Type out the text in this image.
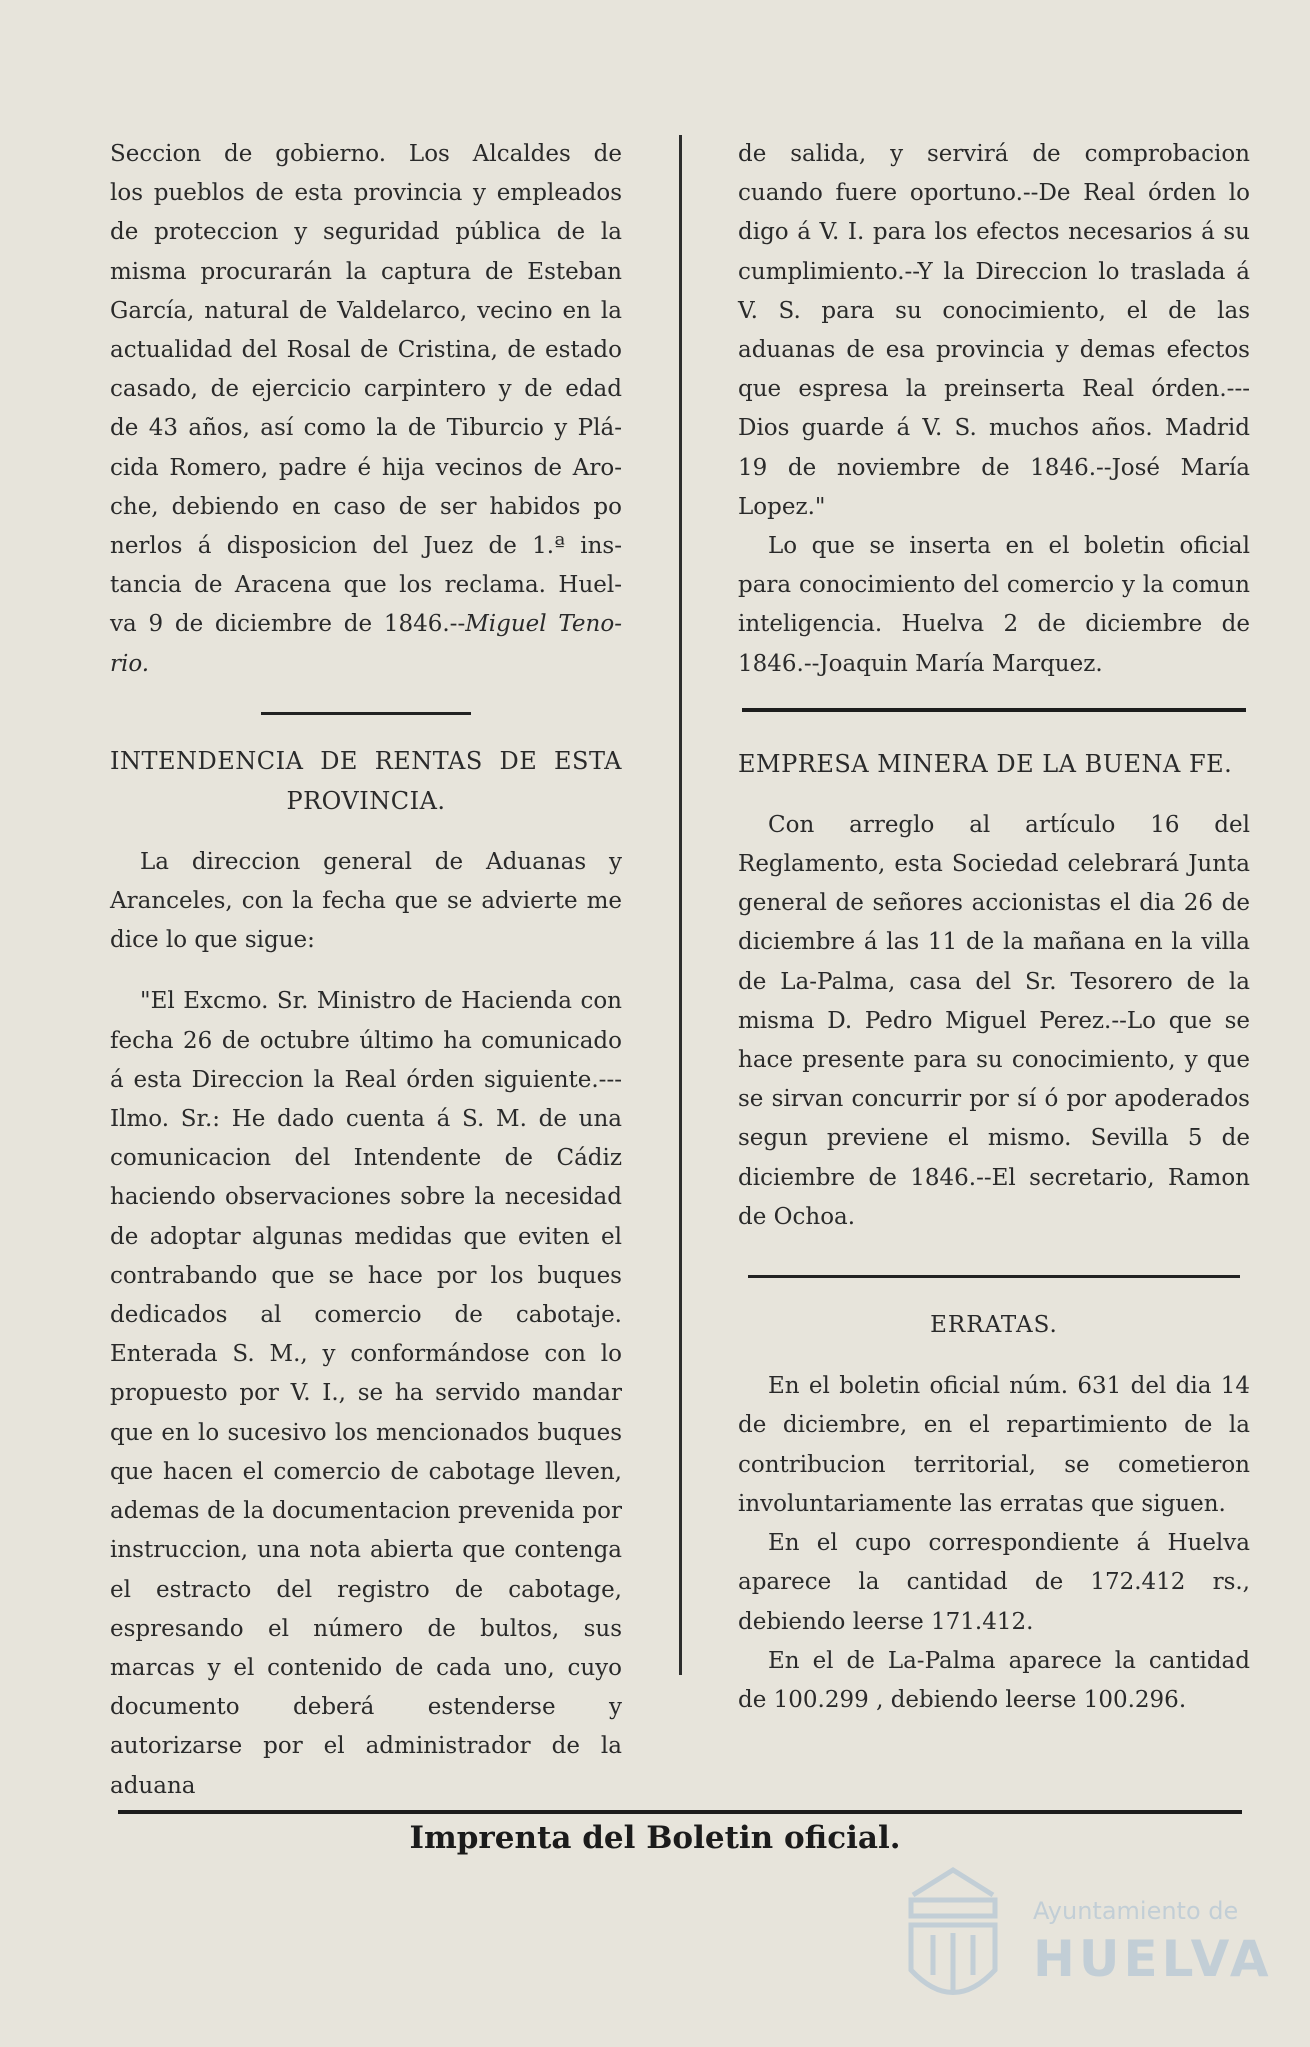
Seccion de gobierno. Los Alcaldes de
los pueblos de esta provincia y empleados
de proteccion y seguridad pública de la
misma procurarán la captura de Esteban
García, natural de Valdelarco, vecino en la
actualidad del Rosal de Cristina, de estado
casado, de ejercicio carpintero y de edad
de 43 años, así como la de Tiburcio y Plá-
cida Romero, padre é hija vecinos de Aro-
che, debiendo en caso de ser habidos po
nerlos á disposicion del Juez de 1.ª ins-
tancia de Aracena que los reclama. Huel-
va 9 de diciembre de 1846.--Miguel Teno-
rio.

INTENDENCIA DE RENTAS DE ESTA

PROVINCIA.

La direccion general de Aduanas y Aranceles, con la fecha que se advierte me dice lo que sigue:

"El Excmo. Sr. Ministro de Hacienda con fecha 26 de octubre último ha comunicado á esta Direccion la Real órden siguiente.---Ilmo. Sr.: He dado cuenta á S. M. de una comunicacion del Intendente de Cádiz haciendo observaciones sobre la necesidad de adoptar algunas medidas que eviten el contrabando que se hace por los buques dedicados al comercio de cabotaje. Enterada S. M., y conformándose con lo propuesto por V. I., se ha servido mandar que en lo sucesivo los mencionados buques que hacen el comercio de cabotage lleven, ademas de la documentacion prevenida por instruccion, una nota abierta que contenga el estracto del registro de cabotage, espresando el número de bultos, sus marcas y el contenido de cada uno, cuyo documento deberá estenderse y autorizarse por el administrador de la aduana

de salida, y servirá de comprobacion cuando fuere oportuno.--De Real órden lo digo á V. I. para los efectos necesarios á su cumplimiento.--Y la Direccion lo traslada á V. S. para su conocimiento, el de las aduanas de esa provincia y demas efectos que espresa la preinserta Real órden.---Dios guarde á V. S. muchos años. Madrid 19 de noviembre de 1846.--José María Lopez."

Lo que se inserta en el boletin oficial para conocimiento del comercio y la comun inteligencia. Huelva 2 de diciembre de 1846.--Joaquin María Marquez.

EMPRESA MINERA DE LA BUENA FE.

Con arreglo al artículo 16 del Reglamento, esta Sociedad celebrará Junta general de señores accionistas el dia 26 de diciembre á las 11 de la mañana en la villa de La-Palma, casa del Sr. Tesorero de la misma D. Pedro Miguel Perez.--Lo que se hace presente para su conocimiento, y que se sirvan concurrir por sí ó por apoderados segun previene el mismo. Sevilla 5 de diciembre de 1846.--El secretario, Ramon de Ochoa.

ERRATAS.

En el boletin oficial núm. 631 del dia 14 de diciembre, en el repartimiento de la contribucion territorial, se cometieron involuntariamente las erratas que siguen.

En el cupo correspondiente á Huelva aparece la cantidad de 172.412 rs., debiendo leerse 171.412.

En el de La-Palma aparece la cantidad de 100.299 , debiendo leerse 100.296.

Imprenta del Boletin oficial.
Ayuntamiento de
HUELVA
